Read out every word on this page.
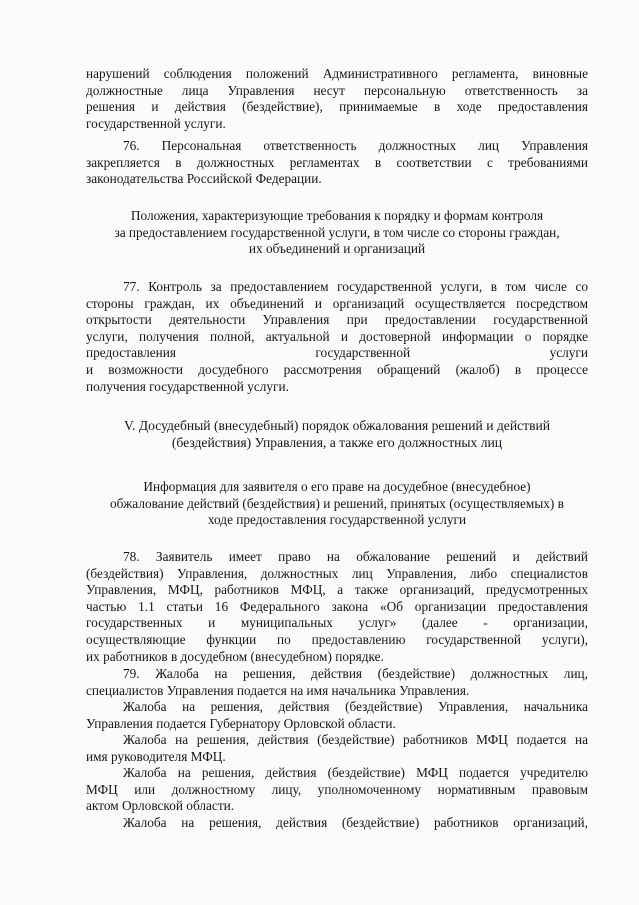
нарушений соблюдения положений Административного регламента, виновные
должностные лица Управления несут персональную ответственность за
решения и действия (бездействие), принимаемые в ходе предоставления
государственной услуги.
76. Персональная ответственность должностных лиц Управления
закрепляется в должностных регламентах в соответствии с требованиями
законодательства Российской Федерации.
Положения, характеризующие требования к порядку и формам контроля
за предоставлением государственной услуги, в том числе со стороны граждан,
их объединений и организаций
77. Контроль за предоставлением государственной услуги, в том числе со
стороны граждан, их объединений и организаций осуществляется посредством
открытости деятельности Управления при предоставлении государственной
услуги, получения полной, актуальной и достоверной информации о порядке
предоставления государственной услуги
и возможности досудебного рассмотрения обращений (жалоб) в процессе
получения государственной услуги.
V. Досудебный (внесудебный) порядок обжалования решений и действий
(бездействия) Управления, а также его должностных лиц
Информация для заявителя о его праве на досудебное (внесудебное)
обжалование действий (бездействия) и решений, принятых (осуществляемых) в
ходе предоставления государственной услуги
78. Заявитель имеет право на обжалование решений и действий
(бездействия) Управления, должностных лиц Управления, либо специалистов
Управления, МФЦ, работников МФЦ, а также организаций, предусмотренных
частью 1.1 статьи 16 Федерального закона «Об организации предоставления
государственных и муниципальных услуг» (далее - организации,
осуществляющие функции по предоставлению государственной услуги),
их работников в досудебном (внесудебном) порядке.
79. Жалоба на решения, действия (бездействие) должностных лиц,
специалистов Управления подается на имя начальника Управления.
Жалоба на решения, действия (бездействие) Управления, начальника
Управления подается Губернатору Орловской области.
Жалоба на решения, действия (бездействие) работников МФЦ подается на
имя руководителя МФЦ.
Жалоба на решения, действия (бездействие) МФЦ подается учредителю
МФЦ или должностному лицу, уполномоченному нормативным правовым
актом Орловской области.
Жалоба на решения, действия (бездействие) работников организаций,
